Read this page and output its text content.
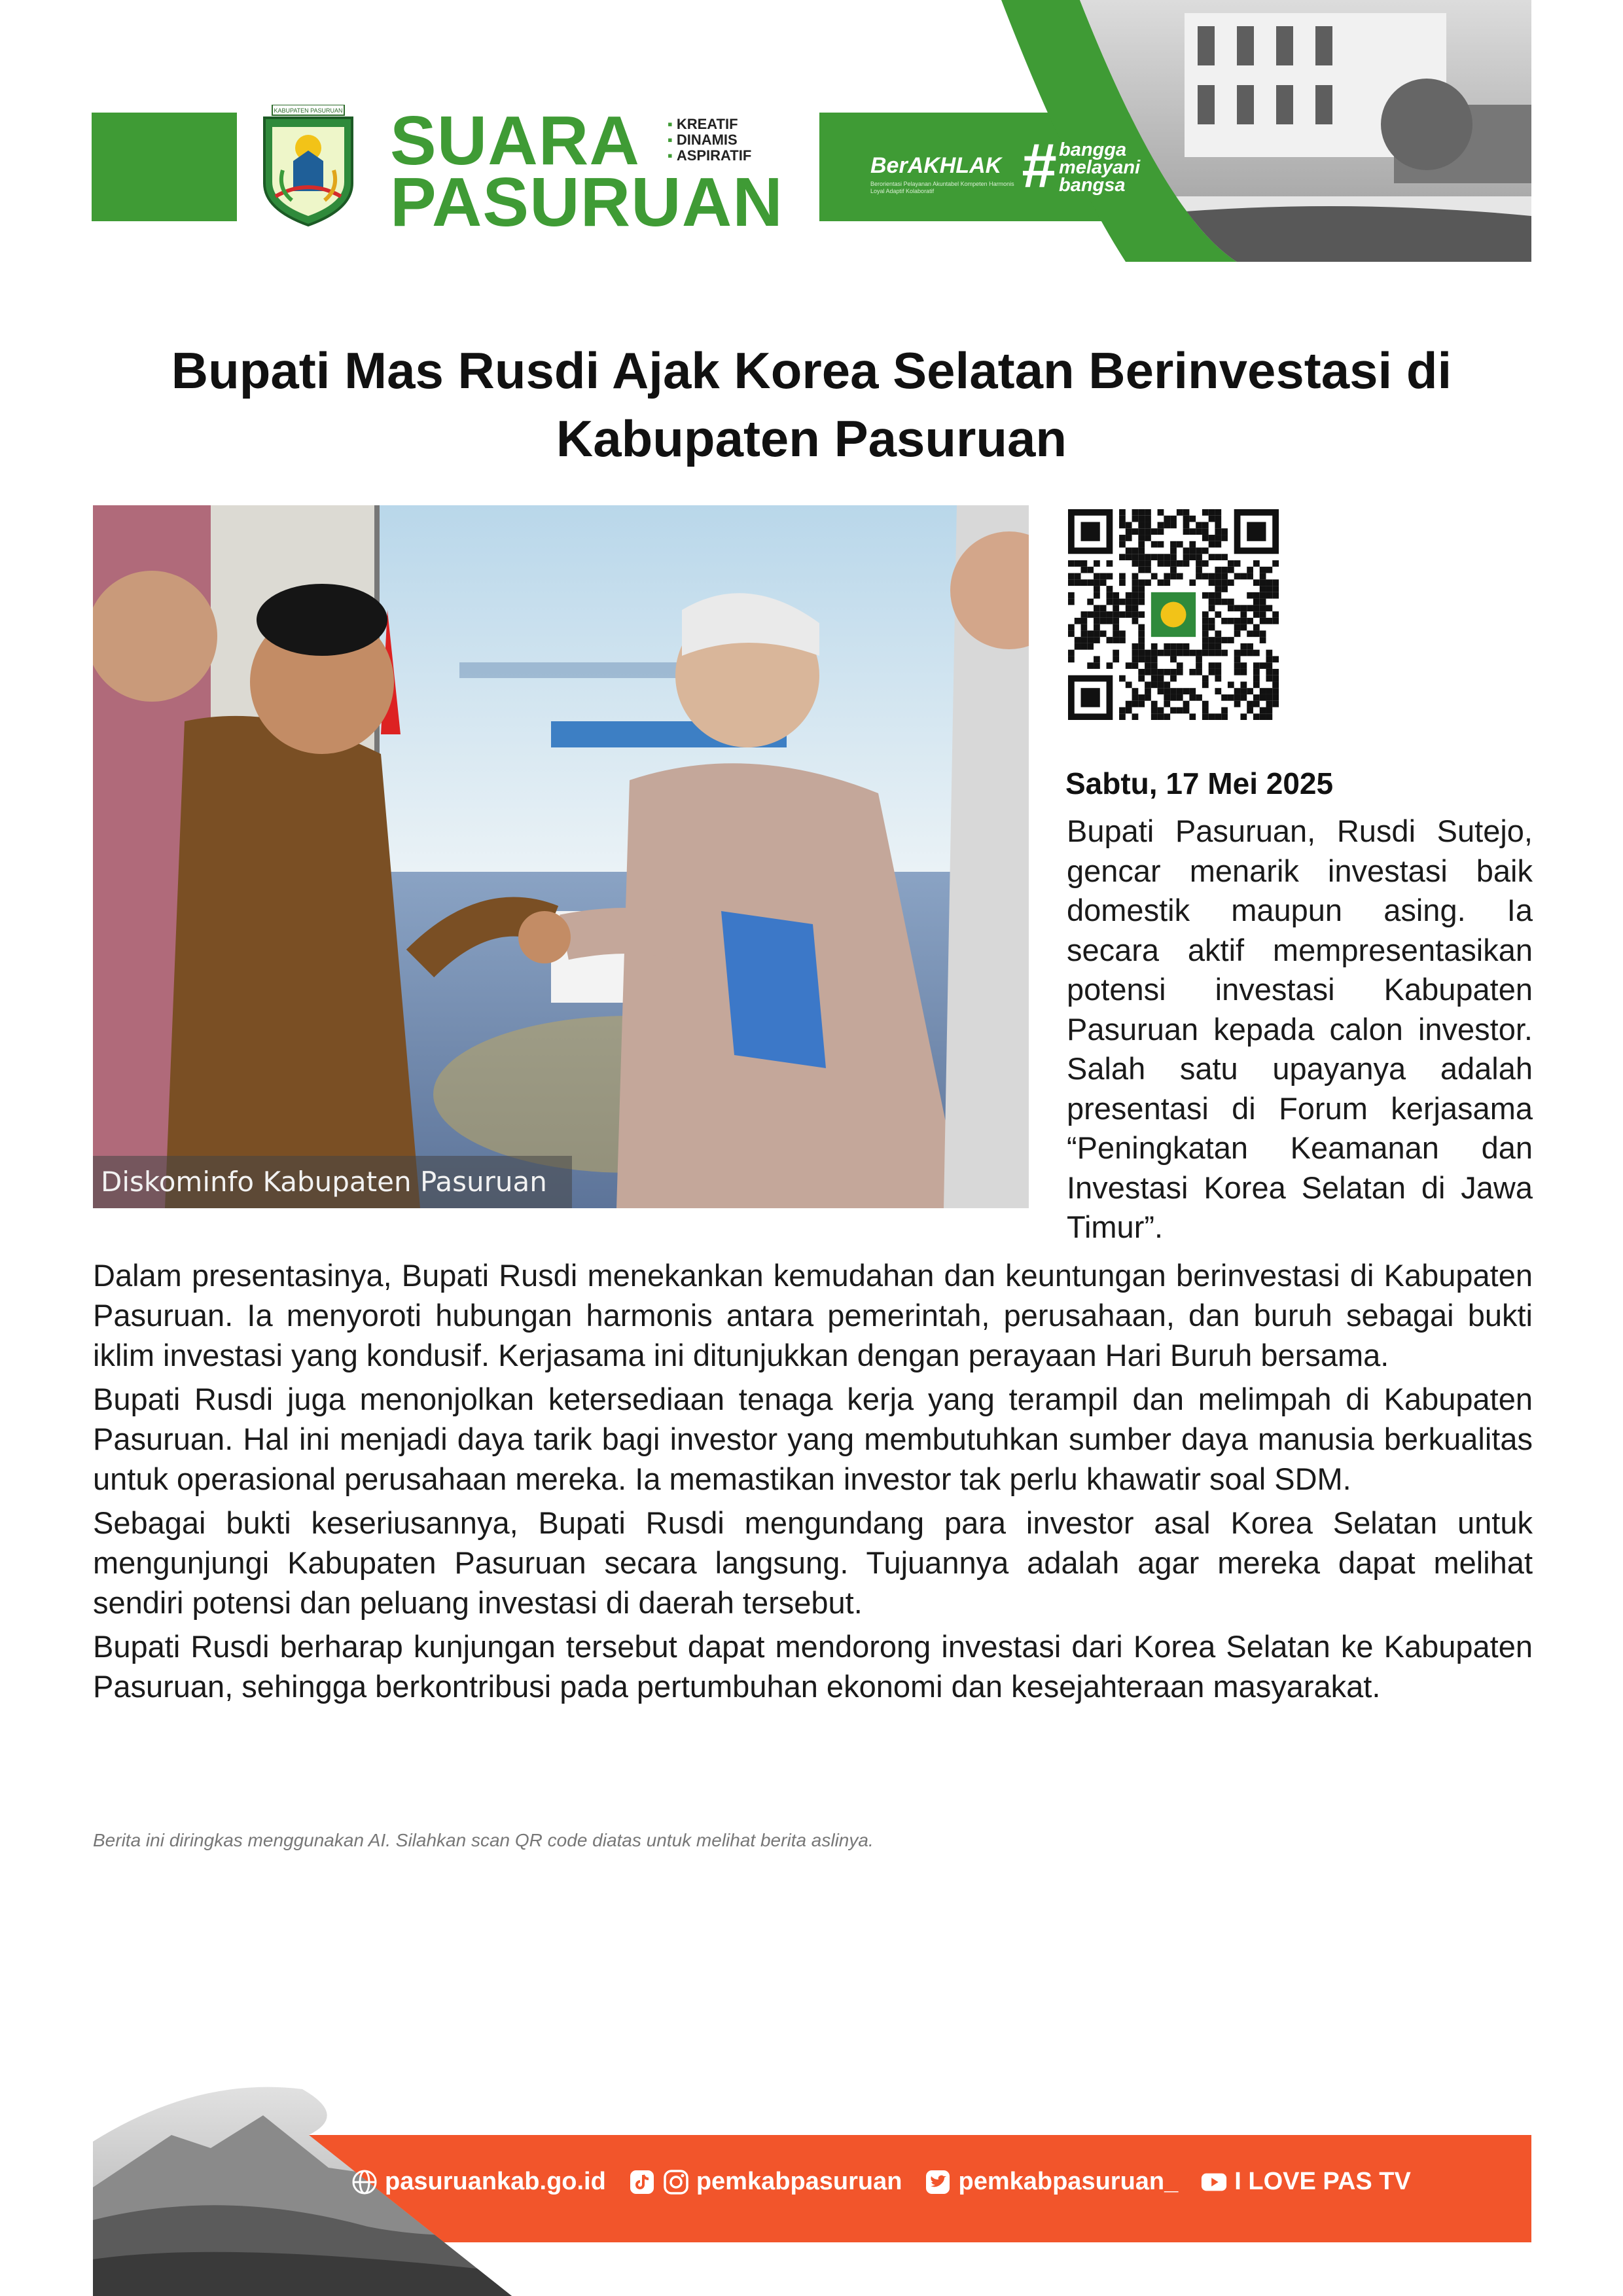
KABUPATEN PASURUAN SUARA
PASURUAN
▪ KREATIF
▪ DINAMIS
▪ ASPIRATIF	BerAKHLAK
Berorientasi Pelayanan Akuntabel Kompeten Harmonis Loyal Adaptif Kolaboratif	# bangga
melayani
bangsa
Bupati Mas Rusdi Ajak Korea Selatan Berinvestasi di Kabupaten Pasuruan
Diskominfo Kabupaten Pasuruan
Sabtu, 17 Mei 2025
Bupati Pasuruan, Rusdi Sutejo, gencar menarik investasi baik domestik maupun asing. Ia secara aktif mempresentasikan potensi investasi Kabupaten Pasuruan kepada calon investor. Salah satu upayanya adalah presentasi di Forum kerjasama “Peningkatan Keamanan dan Investasi Korea Selatan di Jawa Timur”.

Dalam presentasinya, Bupati Rusdi menekankan kemudahan dan keuntungan berinvestasi di Kabupaten Pasuruan. Ia menyoroti hubungan harmonis antara pemerintah, perusahaan, dan buruh sebagai bukti iklim investasi yang kondusif. Kerjasama ini ditunjukkan dengan perayaan Hari Buruh bersama.

Bupati Rusdi juga menonjolkan ketersediaan tenaga kerja yang terampil dan melimpah di Kabupaten Pasuruan. Hal ini menjadi daya tarik bagi investor yang membutuhkan sumber daya manusia berkualitas untuk operasional perusahaan mereka. Ia memastikan investor tak perlu khawatir soal SDM.

Sebagai bukti keseriusannya, Bupati Rusdi mengundang para investor asal Korea Selatan untuk mengunjungi Kabupaten Pasuruan secara langsung. Tujuannya adalah agar mereka dapat melihat sendiri potensi dan peluang investasi di daerah tersebut.

Bupati Rusdi berharap kunjungan tersebut dapat mendorong investasi dari Korea Selatan ke Kabupaten Pasuruan, sehingga berkontribusi pada pertumbuhan ekonomi dan kesejahteraan masyarakat.

Berita ini diringkas menggunakan AI. Silahkan scan QR code diatas untuk melihat berita aslinya.
pasuruankab.go.id	pemkabpasuruan pemkabpasuruan_ I LOVE PAS TV
